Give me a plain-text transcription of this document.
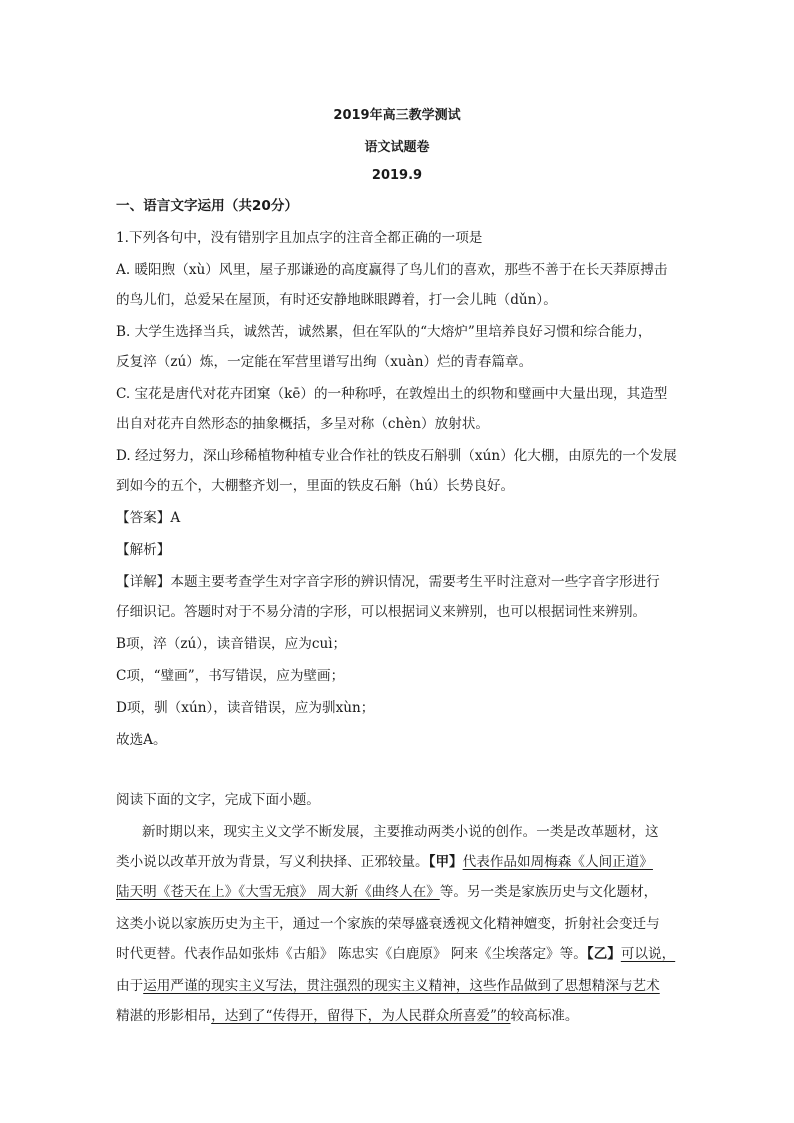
2019年高三教学测试
语文试题卷
2019.9
一、语言文字运用（共20分）
1.下列各句中，没有错别字且加点字的注音全都正确的一项是
A. 暖阳煦（xù）风里，屋子那谦逊的高度赢得了鸟儿们的喜欢，那些不善于在长天莽原搏击
的鸟儿们，总爱呆在屋顶，有时还安静地眯眼蹲着，打一会儿盹（dǔn）。
B. 大学生选择当兵，诚然苦，诚然累，但在军队的“大熔炉”里培养良好习惯和综合能力，
反复淬（zú）炼，一定能在军营里谱写出绚（xuàn）烂的青春篇章。
C. 宝花是唐代对花卉团窠（kē）的一种称呼，在敦煌出土的织物和璧画中大量出现，其造型
出自对花卉自然形态的抽象概括，多呈对称（chèn）放射状。
D. 经过努力，深山珍稀植物种植专业合作社的铁皮石斛驯（xún）化大棚，由原先的一个发展
到如今的五个，大棚整齐划一，里面的铁皮石斛（hú）长势良好。
【答案】A
【解析】
【详解】本题主要考查学生对字音字形的辨识情况，需要考生平时注意对一些字音字形进行
仔细识记。答题时对于不易分清的字形，可以根据词义来辨别，也可以根据词性来辨别。
B项，淬（zú），读音错误，应为cuì；
C项，“璧画”，书写错误，应为壁画；
D项，驯（xún），读音错误，应为驯xùn；
故选A。
阅读下面的文字，完成下面小题。
新时期以来，现实主义文学不断发展，主要推动两类小说的创作。一类是改革题材，这
类小说以改革开放为背景，写义利抉择、正邪较量。【甲】代表作品如周梅森《人间正道》
陆天明《苍天在上》《大雪无痕》 周大新《曲终人在》等。另一类是家族历史与文化题材，
这类小说以家族历史为主干，通过一个家族的荣辱盛衰透视文化精神嬗变，折射社会变迁与
时代更替。代表作品如张炜《古船》 陈忠实《白鹿原》 阿来《尘埃落定》等。【乙】可以说，
由于运用严谨的现实主义写法，贯注强烈的现实主义精神，这些作品做到了思想精深与艺术
精湛的形影相吊，达到了“传得开，留得下，为人民群众所喜爱”的较高标准。
